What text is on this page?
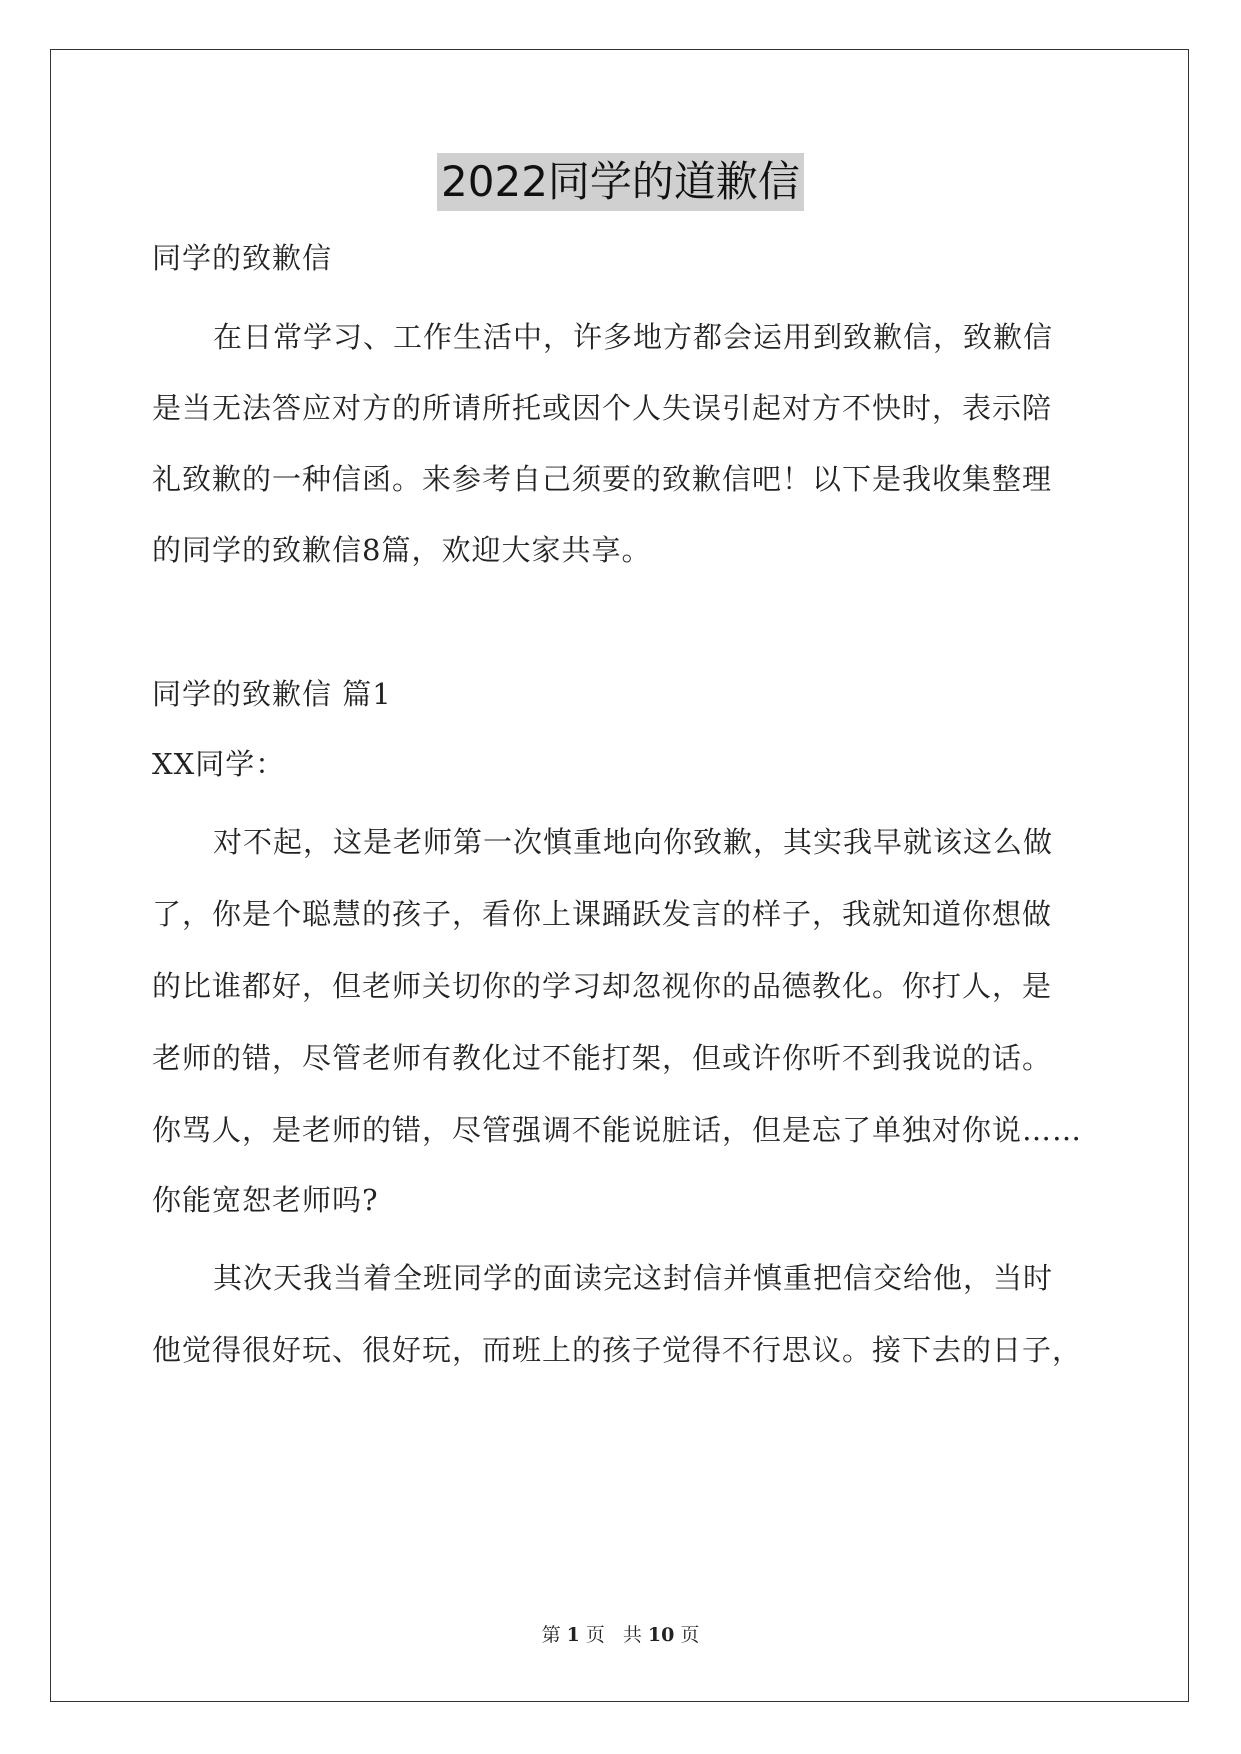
2022同学的道歉信
同学的致歉信
在日常学习、工作生活中，许多地方都会运用到致歉信，致歉信
是当无法答应对方的所请所托或因个人失误引起对方不快时，表示陪
礼致歉的一种信函。来参考自己须要的致歉信吧！以下是我收集整理
的同学的致歉信8篇，欢迎大家共享。
同学的致歉信 篇1
XX同学：
对不起，这是老师第一次慎重地向你致歉，其实我早就该这么做
了，你是个聪慧的孩子，看你上课踊跃发言的样子，我就知道你想做
的比谁都好，但老师关切你的学习却忽视你的品德教化。你打人，是
老师的错，尽管老师有教化过不能打架，但或许你听不到我说的话。
你骂人，是老师的错，尽管强调不能说脏话，但是忘了单独对你说……
你能宽恕老师吗?
其次天我当着全班同学的面读完这封信并慎重把信交给他，当时
他觉得很好玩、很好玩，而班上的孩子觉得不行思议。接下去的日子，
第 1 页 共 10 页
